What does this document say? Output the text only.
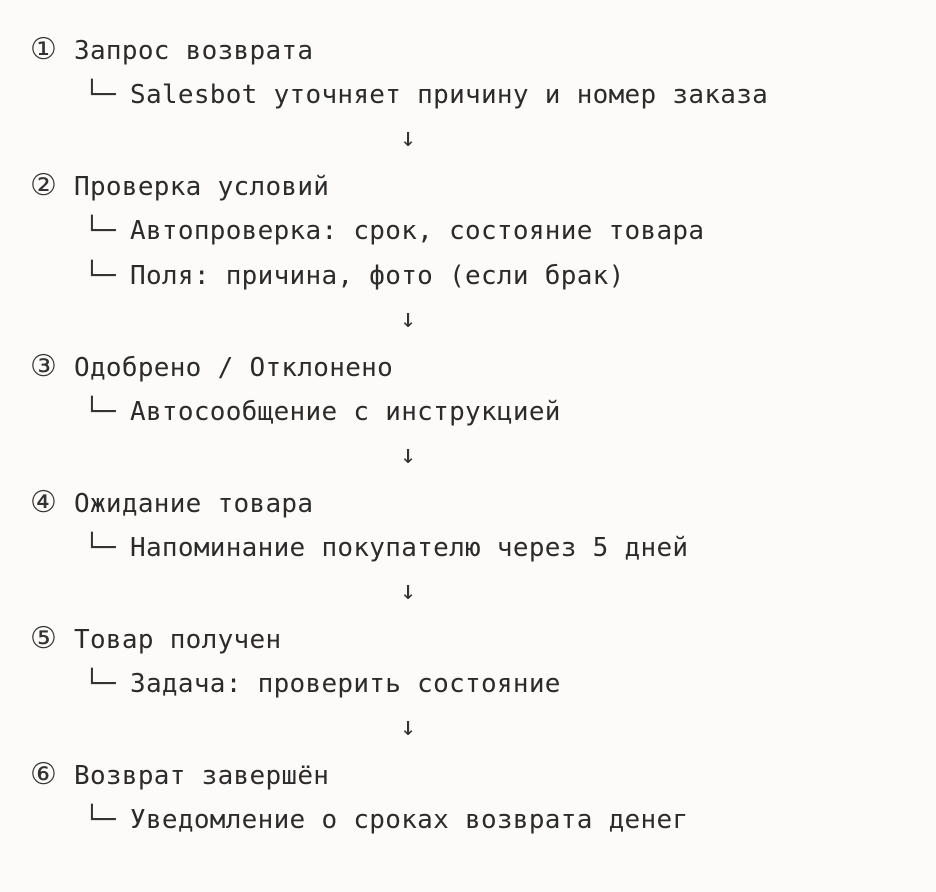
① Запрос возврата
└─ Salesbot уточняет причину и номер заказа
↓
② Проверка условий
└─ Автопроверка: срок, состояние товара
└─ Поля: причина, фото (если брак)
↓
③ Одобрено / Отклонено
└─ Автосообщение с инструкцией
↓
④ Ожидание товара
└─ Напоминание покупателю через 5 дней
↓
⑤ Товар получен
└─ Задача: проверить состояние
↓
⑥ Возврат завершён
└─ Уведомление о сроках возврата денег
